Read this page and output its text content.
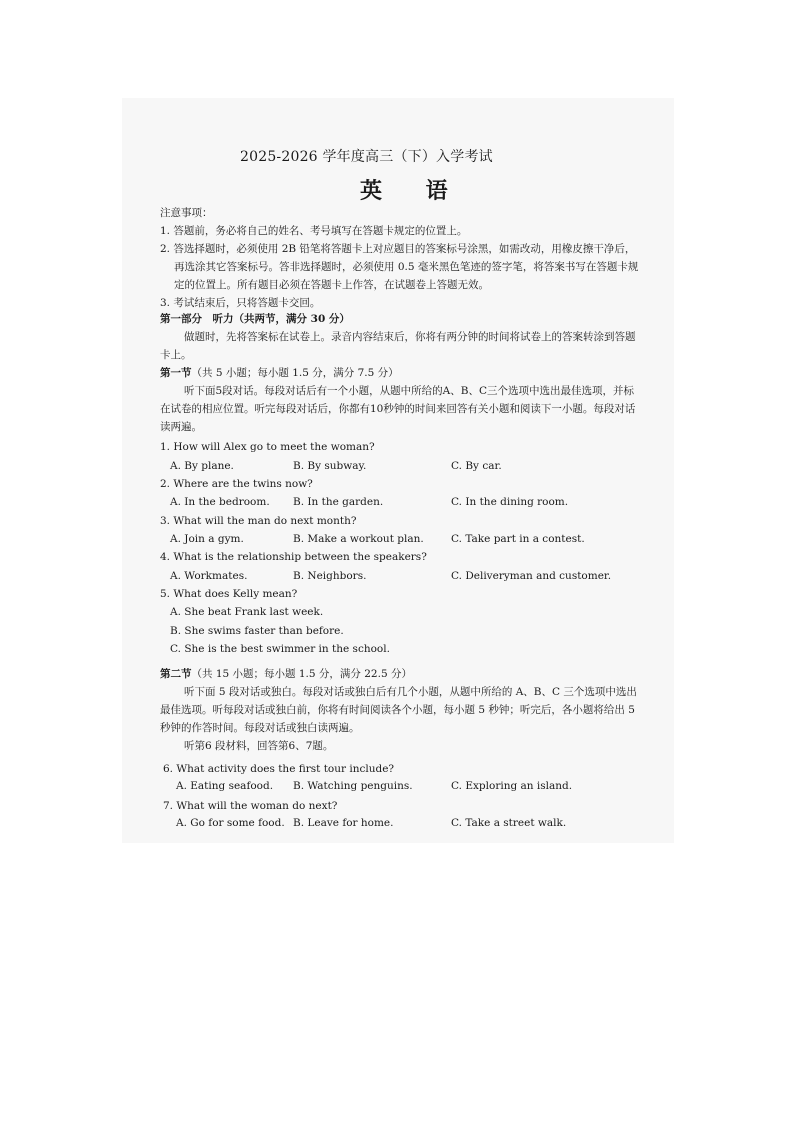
2025-2026 学年度高三（下）入学考试
英 语
注意事项：
1. 答题前，务必将自己的姓名、考号填写在答题卡规定的位置上。
2. 答选择题时，必须使用 2B 铅笔将答题卡上对应题目的答案标号涂黑，如需改动，用橡皮擦干净后，再选涂其它答案标号。答非选择题时，必须使用 0.5 毫米黑色笔迹的签字笔，将答案书写在答题卡规定的位置上。所有题目必须在答题卡上作答，在试题卷上答题无效。
3. 考试结束后，只将答题卡交回。
第一部分　听力（共两节，满分 30 分）
做题时，先将答案标在试卷上。录音内容结束后，你将有两分钟的时间将试卷上的答案转涂到答题卡上。
第一节（共 5 小题；每小题 1.5 分，满分 7.5 分）
听下面5段对话。每段对话后有一个小题，从题中所给的A、B、C三个选项中选出最佳选项，并标在试卷的相应位置。听完每段对话后，你都有10秒钟的时间来回答有关小题和阅读下一小题。每段对话读两遍。
1. How will Alex go to meet the woman?
A. By plane.	B. By subway.	C. By car.
2. Where are the twins now?
A. In the bedroom. B. In the garden.	C. In the dining room.
3. What will the man do next month?
A. Join a gym.	B. Make a workout plan.	C. Take part in a contest.
4. What is the relationship between the speakers?
A. Workmates.	B. Neighbors.	C. Deliveryman and customer.
5. What does Kelly mean?
A. She beat Frank last week.
B. She swims faster than before.
C. She is the best swimmer in the school.
第二节（共 15 小题；每小题 1.5 分，满分 22.5 分）
听下面 5 段对话或独白。每段对话或独白后有几个小题，从题中所给的 A、B、C 三个选项中选出最佳选项。听每段对话或独白前，你将有时间阅读各个小题，每小题 5 秒钟；听完后，各小题将给出 5 秒钟的作答时间。每段对话或独白读两遍。
听第6 段材料，回答第6、7题。
6. What activity does the first tour include?
A. Eating seafood. B. Watching penguins.	C. Exploring an island.
7. What will the woman do next?
A. Go for some food. B. Leave for home.	C. Take a street walk.
